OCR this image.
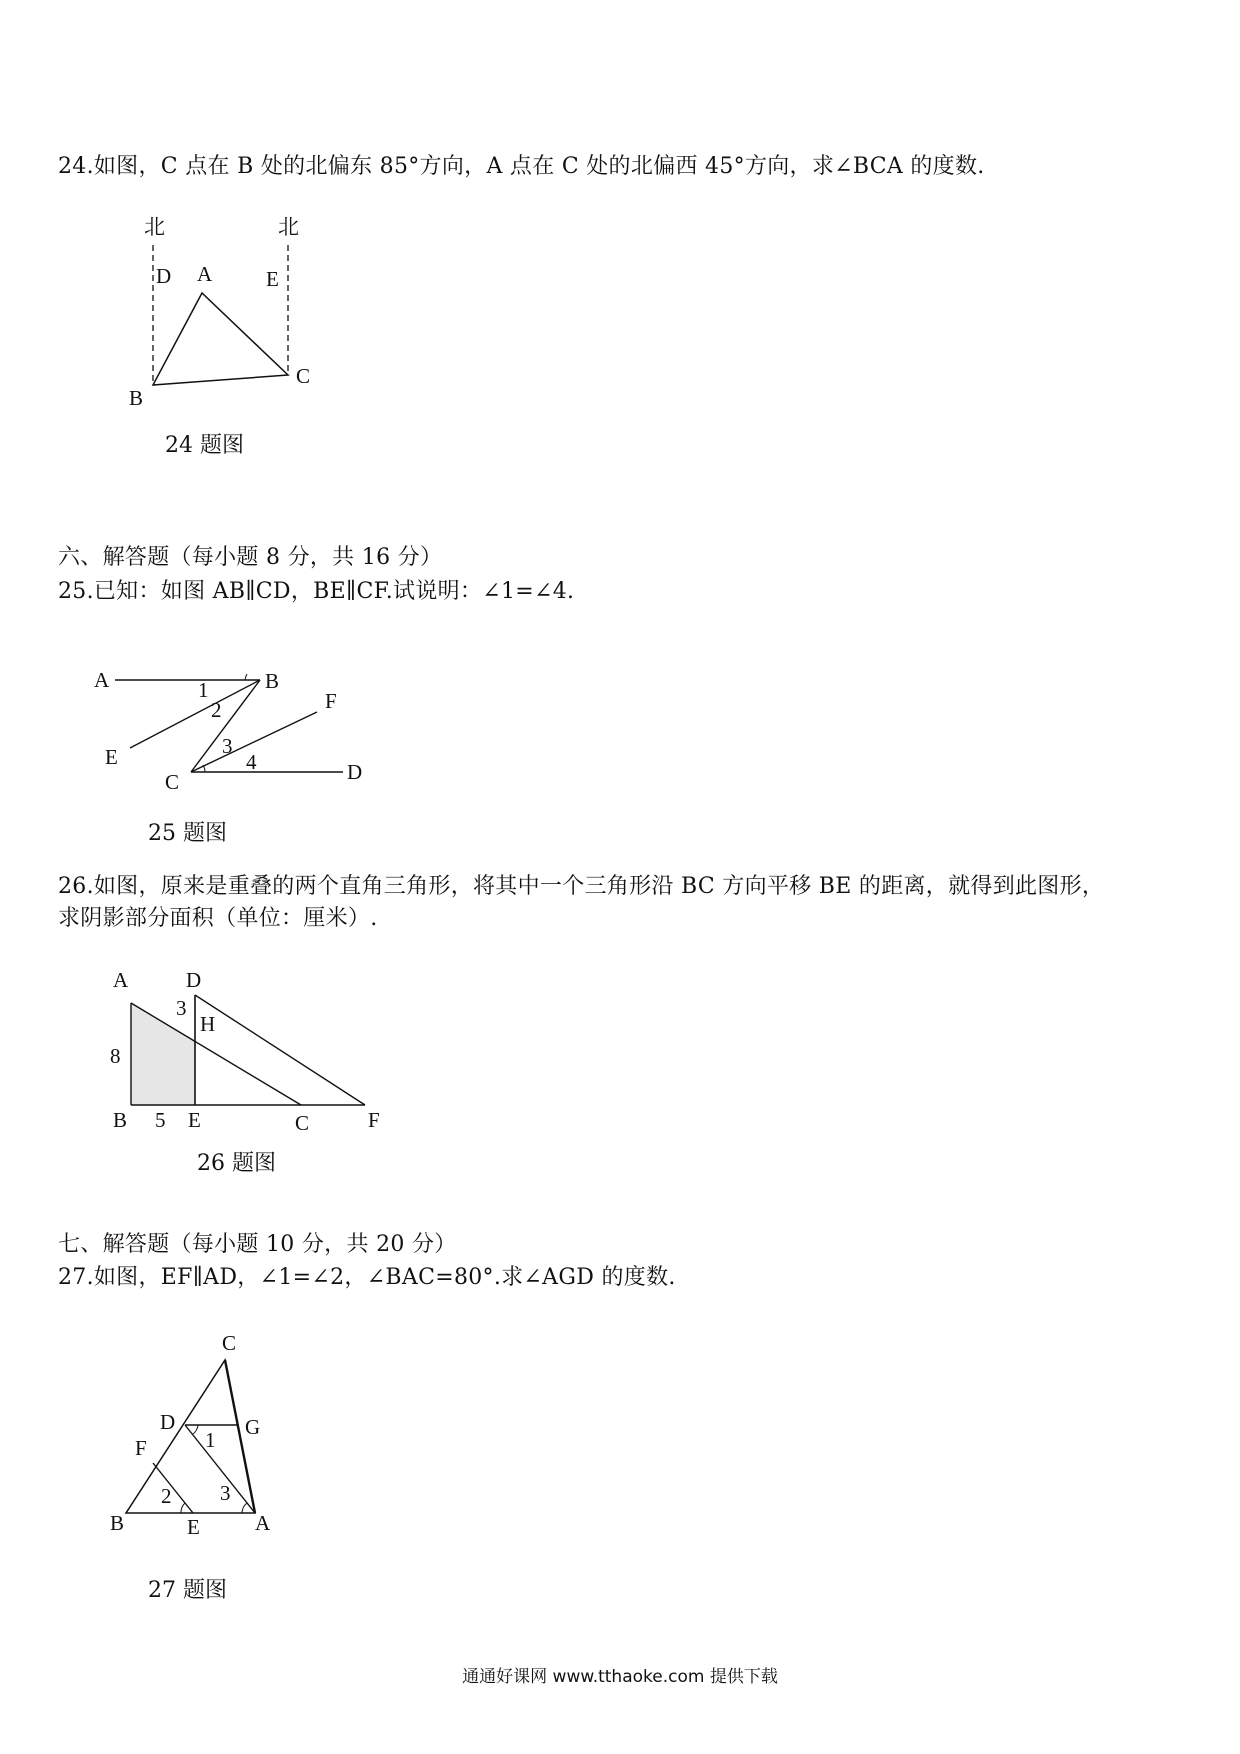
24.如图，C 点在 B 处的北偏东 85°方向，A 点在 C 处的北偏西 45°方向，求∠BCA 的度数.
北	北
D A	E
B
C
24 题图
六、解答题（每小题 8 分，共 16 分）
25.已知：如图 AB∥CD，BE∥CF.试说明：∠1=∠4.
A	B
E
F
C	D
1
2
3
4
25 题图
26.如图，原来是重叠的两个直角三角形，将其中一个三角形沿 BC 方向平移 BE 的距离，就得到此图形，
求阴影部分面积（单位：厘米）.
A	D
3
H
8
B 5 E	C	F
26 题图
七、解答题（每小题 10 分，共 20 分）
27.如图，EF∥AD，∠1=∠2，∠BAC=80°.求∠AGD 的度数.
C
D	G
F	1
2 3
B	E	A
27 题图
通通好课网 www.tthaoke.com 提供下载
